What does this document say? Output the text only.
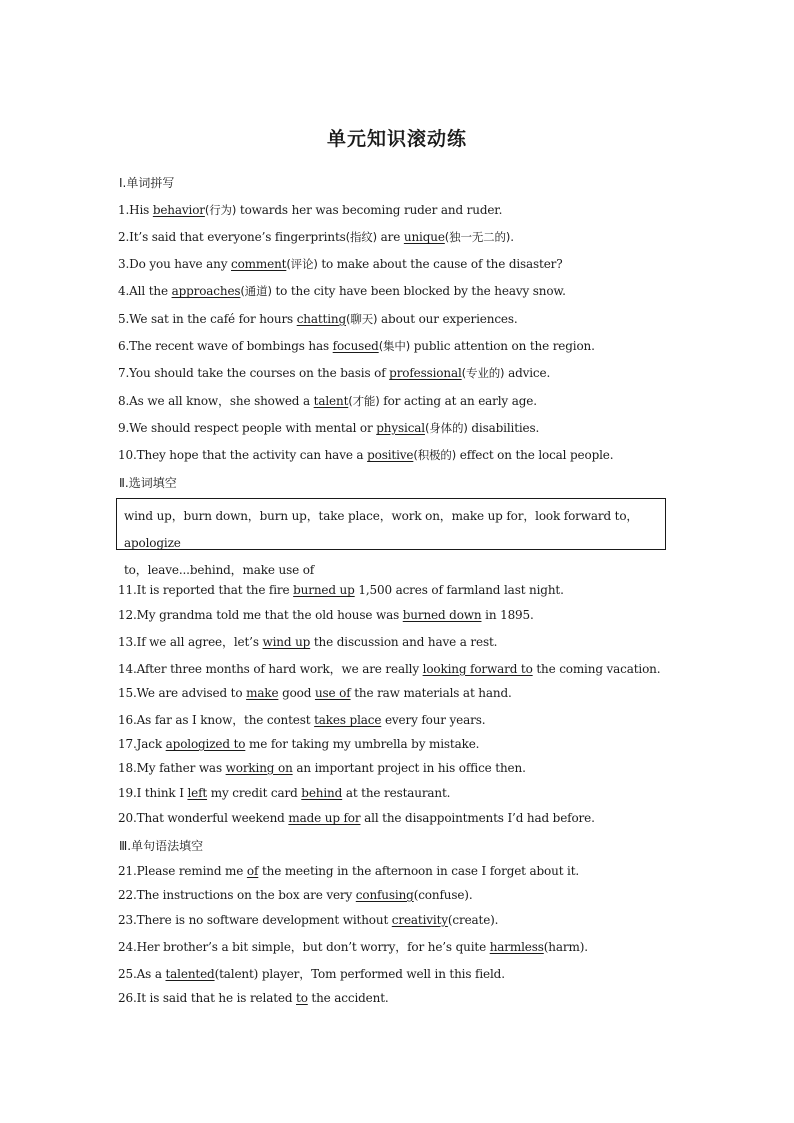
单元知识滚动练
Ⅰ.单词拼写
1.His behavior(行为) towards her was becoming ruder and ruder.
2.It’s said that everyone’s fingerprints(指纹) are unique(独一无二的).
3.Do you have any comment(评论) to make about the cause of the disaster?
4.All the approaches(通道) to the city have been blocked by the heavy snow.
5.We sat in the café for hours chatting(聊天) about our experiences.
6.The recent wave of bombings has focused(集中) public attention on the region.
7.You should take the courses on the basis of professional(专业的) advice.
8.As we all know，she showed a talent(才能) for acting at an early age.
9.We should respect people with mental or physical(身体的) disabilities.
10.They hope that the activity can have a positive(积极的) effect on the local people.
Ⅱ.选词填空
wind up，burn down，burn up，take place，work on，make up for，look forward to，apologize
to，leave...behind，make use of
11.It is reported that the fire burned up 1,500 acres of farmland last night.
12.My grandma told me that the old house was burned down in 1895.
13.If we all agree，let’s wind up the discussion and have a rest.
14.After three months of hard work，we are really looking forward to the coming vacation.
15.We are advised to make good use of the raw materials at hand.
16.As far as I know，the contest takes place every four years.
17.Jack apologized to me for taking my umbrella by mistake.
18.My father was working on an important project in his office then.
19.I think I left my credit card behind at the restaurant.
20.That wonderful weekend made up for all the disappointments I’d had before.
Ⅲ.单句语法填空
21.Please remind me of the meeting in the afternoon in case I forget about it.
22.The instructions on the box are very confusing(confuse).
23.There is no software development without creativity(create).
24.Her brother’s a bit simple，but don’t worry，for he’s quite harmless(harm).
25.As a talented(talent) player，Tom performed well in this field.
26.It is said that he is related to the accident.
